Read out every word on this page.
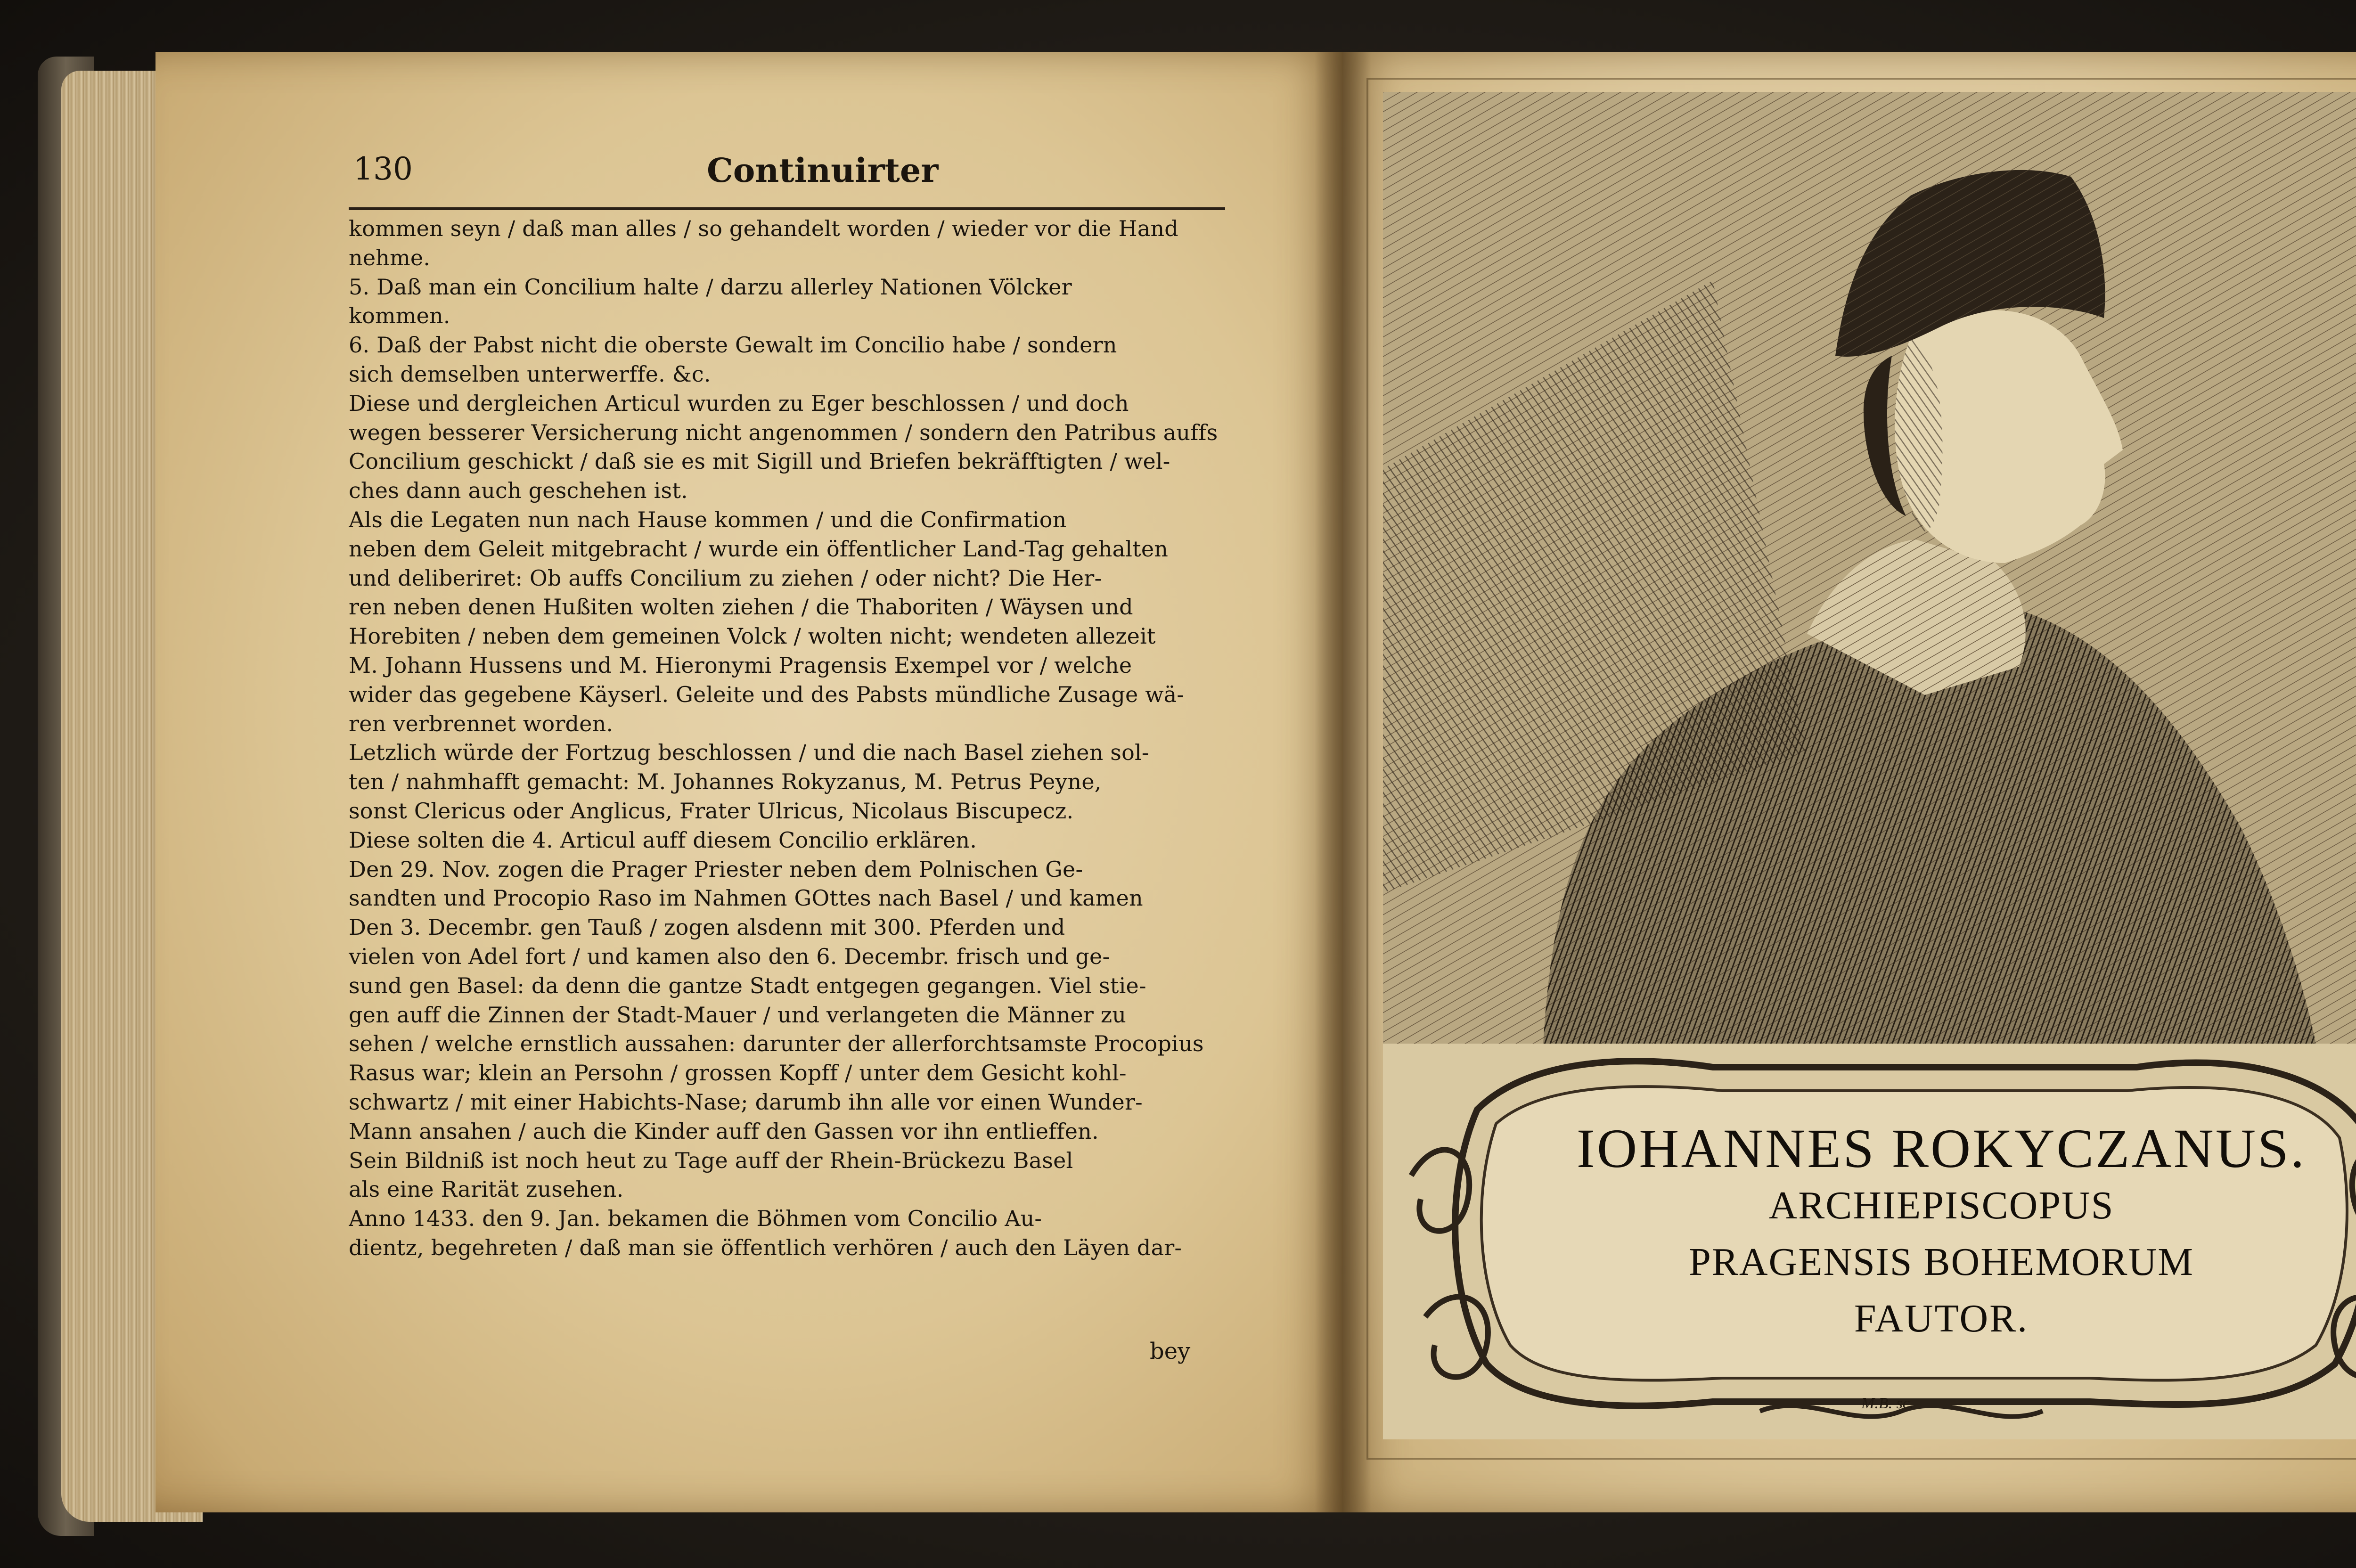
130	Continuirter
kommen seyn / daß man alles / so gehandelt worden / wieder vor die Hand
nehme.
5. Daß man ein Concilium halte / darzu allerley Nationen Völcker
kommen.
6. Daß der Pabst nicht die oberste Gewalt im Concilio habe / sondern
sich demselben unterwerffe. &c.
Diese und dergleichen Articul wurden zu Eger beschlossen / und doch
wegen besserer Versicherung nicht angenommen / sondern den Patribus auffs
Concilium geschickt / daß sie es mit Sigill und Briefen bekräfftigten / wel-
ches dann auch geschehen ist.
Als die Legaten nun nach Hause kommen / und die Confirmation
neben dem Geleit mitgebracht / wurde ein öffentlicher Land-Tag gehalten
und deliberiret: Ob auffs Concilium zu ziehen / oder nicht? Die Her-
ren neben denen Hußiten wolten ziehen / die Thaboriten / Wäysen und
Horebiten / neben dem gemeinen Volck / wolten nicht; wendeten allezeit
M. Johann Hussens und M. Hieronymi Pragensis Exempel vor / welche
wider das gegebene Käyserl. Geleite und des Pabsts mündliche Zusage wä-
ren verbrennet worden.
Letzlich würde der Fortzug beschlossen / und die nach Basel ziehen sol-
ten / nahmhafft gemacht: M. Johannes Rokyzanus, M. Petrus Peyne,
sonst Clericus oder Anglicus, Frater Ulricus, Nicolaus Biscupecz.
Diese solten die 4. Articul auff diesem Concilio erklären.
Den 29. Nov. zogen die Prager Priester neben dem Polnischen Ge-
sandten und Procopio Raso im Nahmen GOttes nach Basel / und kamen
Den 3. Decembr. gen Tauß / zogen alsdenn mit 300. Pferden und
vielen von Adel fort / und kamen also den 6. Decembr. frisch und ge-
sund gen Basel: da denn die gantze Stadt entgegen gegangen. Viel stie-
gen auff die Zinnen der Stadt-Mauer / und verlangeten die Männer zu
sehen / welche ernstlich aussahen: darunter der allerforchtsamste Procopius
Rasus war; klein an Persohn / grossen Kopff / unter dem Gesicht kohl-
schwartz / mit einer Habichts-Nase; darumb ihn alle vor einen Wunder-
Mann ansahen / auch die Kinder auff den Gassen vor ihn entlieffen.
Sein Bildniß ist noch heut zu Tage auff der Rhein-Brückezu Basel
als eine Rarität zusehen.
Anno 1433. den 9. Jan. bekamen die Böhmen vom Concilio Au-
dientz, begehreten / daß man sie öffentlich verhören / auch den Läyen dar-
bey
IOHANNES ROKYCZANUS.
ARCHIEPISCOPUS
PRAGENSIS BOHEMORUM
FAUTOR.
M.B. sc.
